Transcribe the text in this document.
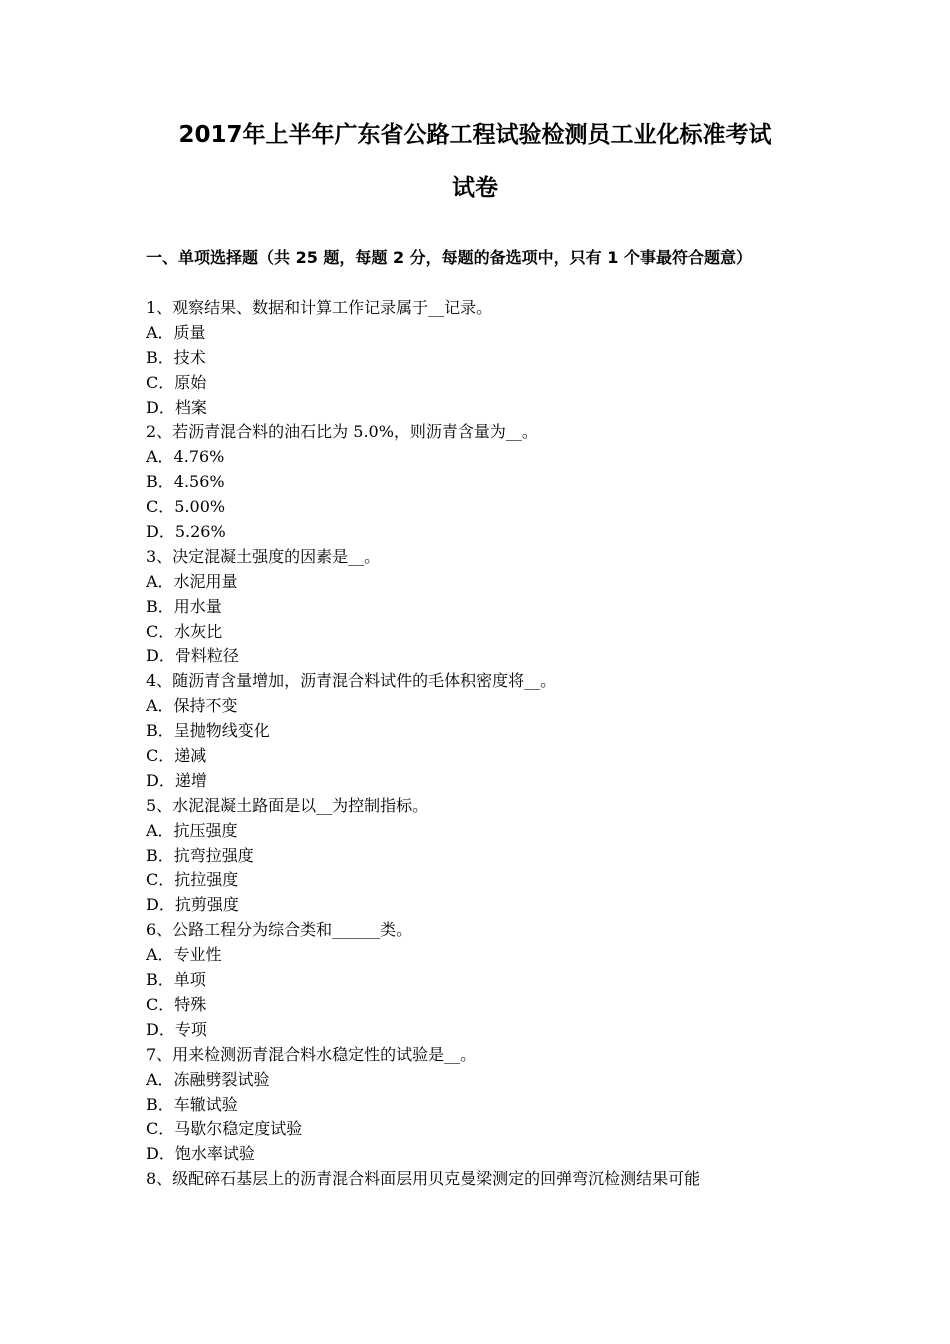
2017年上半年广东省公路工程试验检测员工业化标准考试
试卷

一、单项选择题（共 25 题，每题 2 分，每题的备选项中，只有 1 个事最符合题意）

1、观察结果、数据和计算工作记录属于__记录。
A．质量
B．技术
C．原始
D．档案
2、若沥青混合料的油石比为 5.0%，则沥青含量为__。
A．4.76%
B．4.56%
C．5.00%
D．5.26%
3、决定混凝土强度的因素是__。
A．水泥用量
B．用水量
C．水灰比
D．骨料粒径
4、随沥青含量增加，沥青混合料试件的毛体积密度将__。
A．保持不变
B．呈抛物线变化
C．递减
D．递增
5、水泥混凝土路面是以__为控制指标。
A．抗压强度
B．抗弯拉强度
C．抗拉强度
D．抗剪强度
6、公路工程分为综合类和______类。
A．专业性
B．单项
C．特殊
D．专项
7、用来检测沥青混合料水稳定性的试验是__。
A．冻融劈裂试验
B．车辙试验
C．马歇尔稳定度试验
D．饱水率试验
8、级配碎石基层上的沥青混合料面层用贝克曼梁测定的回弹弯沉检测结果可能
